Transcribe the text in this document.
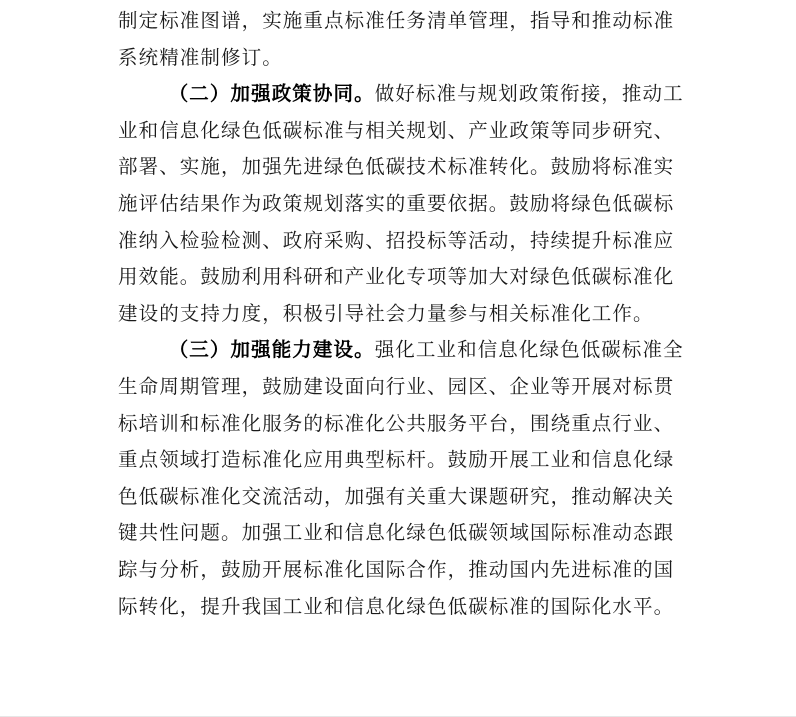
制定标准图谱，实施重点标准任务清单管理，指导和推动标准
系统精准制修订。

（二）加强政策协同。做好标准与规划政策衔接，推动工
业和信息化绿色低碳标准与相关规划、产业政策等同步研究、
部署、实施，加强先进绿色低碳技术标准转化。鼓励将标准实
施评估结果作为政策规划落实的重要依据。鼓励将绿色低碳标
准纳入检验检测、政府采购、招投标等活动，持续提升标准应
用效能。鼓励利用科研和产业化专项等加大对绿色低碳标准化
建设的支持力度，积极引导社会力量参与相关标准化工作。

（三）加强能力建设。强化工业和信息化绿色低碳标准全
生命周期管理，鼓励建设面向行业、园区、企业等开展对标贯
标培训和标准化服务的标准化公共服务平台，围绕重点行业、
重点领域打造标准化应用典型标杆。鼓励开展工业和信息化绿
色低碳标准化交流活动，加强有关重大课题研究，推动解决关
键共性问题。加强工业和信息化绿色低碳领域国际标准动态跟
踪与分析，鼓励开展标准化国际合作，推动国内先进标准的国
际转化，提升我国工业和信息化绿色低碳标准的国际化水平。
